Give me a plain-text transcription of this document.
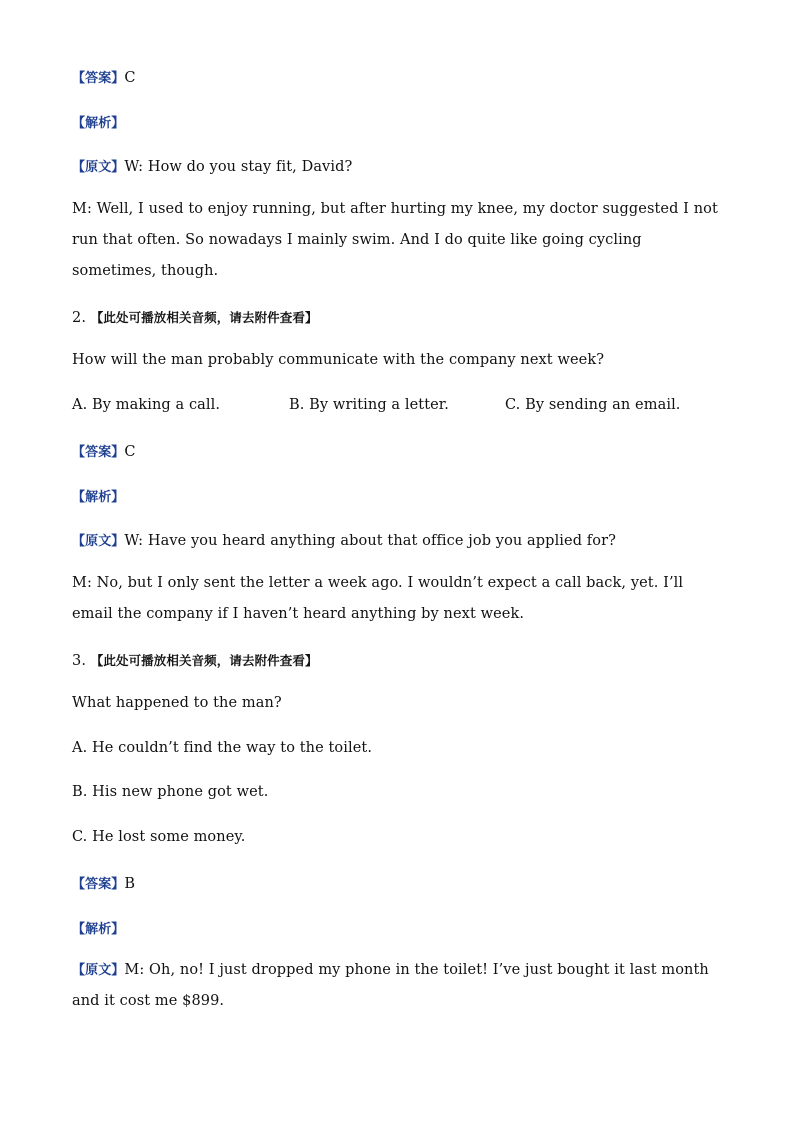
【答案】C

【解析】

【原文】W: How do you stay fit, David?

M: Well, I used to enjoy running, but after hurting my knee, my doctor suggested I not run that often. So nowadays I mainly swim. And I do quite like going cycling sometimes, though.

2. 【此处可播放相关音频，请去附件查看】

How will the man probably communicate with the company next week?

A. By making a call.	B. By writing a letter.	C. By sending an email.

【答案】C

【解析】

【原文】W: Have you heard anything about that office job you applied for?

M: No, but I only sent the letter a week ago. I wouldn’t expect a call back, yet. I’ll email the company if I haven’t heard anything by next week.

3. 【此处可播放相关音频，请去附件查看】

What happened to the man?

A. He couldn’t find the way to the toilet.

B. His new phone got wet.

C. He lost some money.

【答案】B

【解析】

【原文】M: Oh, no! I just dropped my phone in the toilet! I’ve just bought it last month and it cost me $899.
